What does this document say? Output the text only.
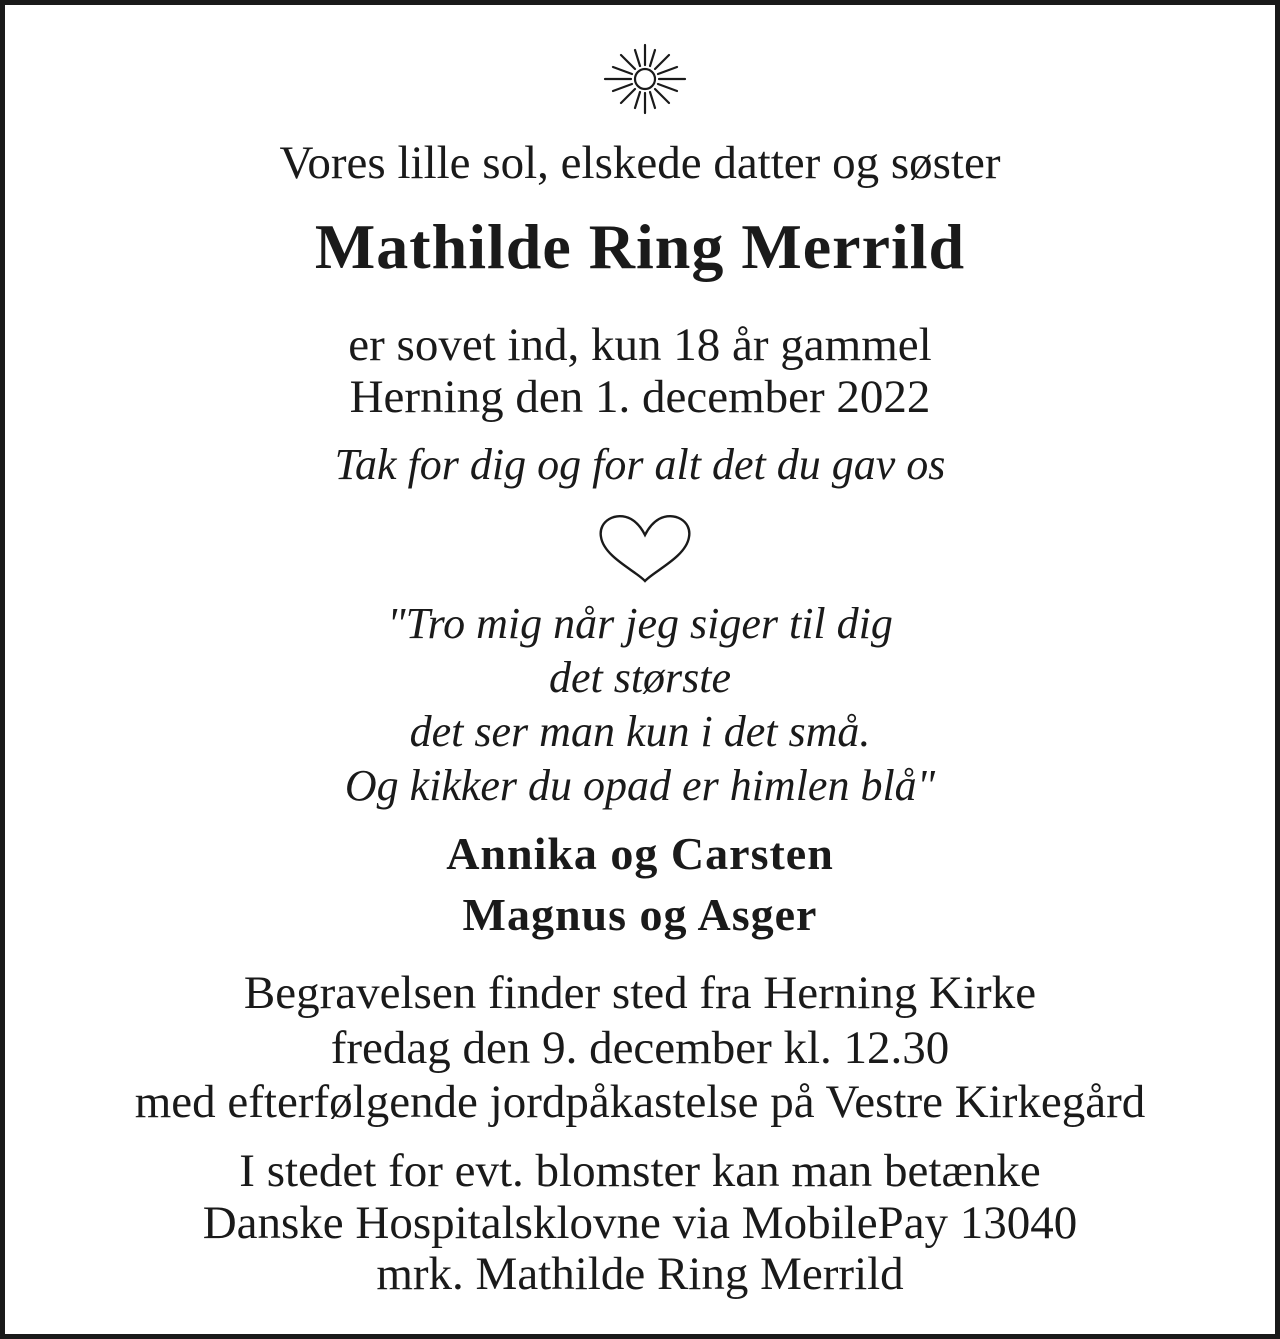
Vores lille sol, elskede datter og søster
Mathilde Ring Merrild
er sovet ind, kun 18 år gammel
Herning den 1. december 2022
Tak for dig og for alt det du gav os
"Tro mig når jeg siger til dig
det største
det ser man kun i det små.
Og kikker du opad er himlen blå"
Annika og Carsten
Magnus og Asger
Begravelsen finder sted fra Herning Kirke
fredag den 9. december kl. 12.30
med efterfølgende jordpåkastelse på Vestre Kirkegård
I stedet for evt. blomster kan man betænke
Danske Hospitalsklovne via MobilePay 13040
mrk. Mathilde Ring Merrild
